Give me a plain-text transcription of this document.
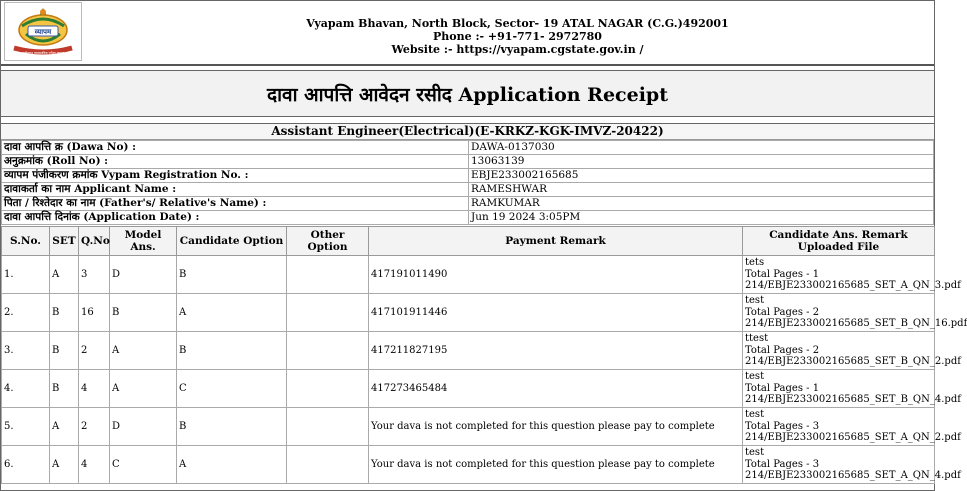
व्यापम
छत्तीसगढ़ व्यावसायिक परीक्षा मण्डल
Vyapam Bhavan, North Block, Sector- 19 ATAL NAGAR (C.G.)492001
Phone :- +91-771- 2972780
Website :- https://vyapam.cgstate.gov.in /
दावा आपत्ति आवेदन रसीद Application Receipt
Assistant Engineer(Electrical)(E-KRKZ-KGK-IMVZ-20422)
दावा आपत्ति क्र (Dawa No) :	DAWA-0137030
अनुक्रमांक (Roll No) :	13063139
व्यापम पंजीकरण क्रमांक Vypam Registration No. :	EBJE233002165685
दावाकर्ता का नाम Applicant Name :	RAMESHWAR
पिता / रिश्तेदार का नाम (Father's/ Relative's Name) :	RAMKUMAR
दावा आपत्ति दिनांक (Application Date) :	Jun 19 2024 3:05PM
S.No.	SET	Q.No	Model Ans.	Candidate Option	Other Option	Payment Remark	Candidate Ans. Remark
Uploaded File

1.	A	3	D	B		417191011490	tets
Total Pages - 1
214/EBJE233002165685_SET_A_QN_3.pdf

2.	B	16	B	A		417101911446	test
Total Pages - 2
214/EBJE233002165685_SET_B_QN_16.pdf

3.	B	2	A	B		417211827195	ttest
Total Pages - 2
214/EBJE233002165685_SET_B_QN_2.pdf

4.	B	4	A	C		417273465484	test
Total Pages - 1
214/EBJE233002165685_SET_B_QN_4.pdf

5.	A	2	D	B		Your dava is not completed for this question please pay to complete	test
Total Pages - 3
214/EBJE233002165685_SET_A_QN_2.pdf

6.	A	4	C	A		Your dava is not completed for this question please pay to complete	test
Total Pages - 3
214/EBJE233002165685_SET_A_QN_4.pdf
